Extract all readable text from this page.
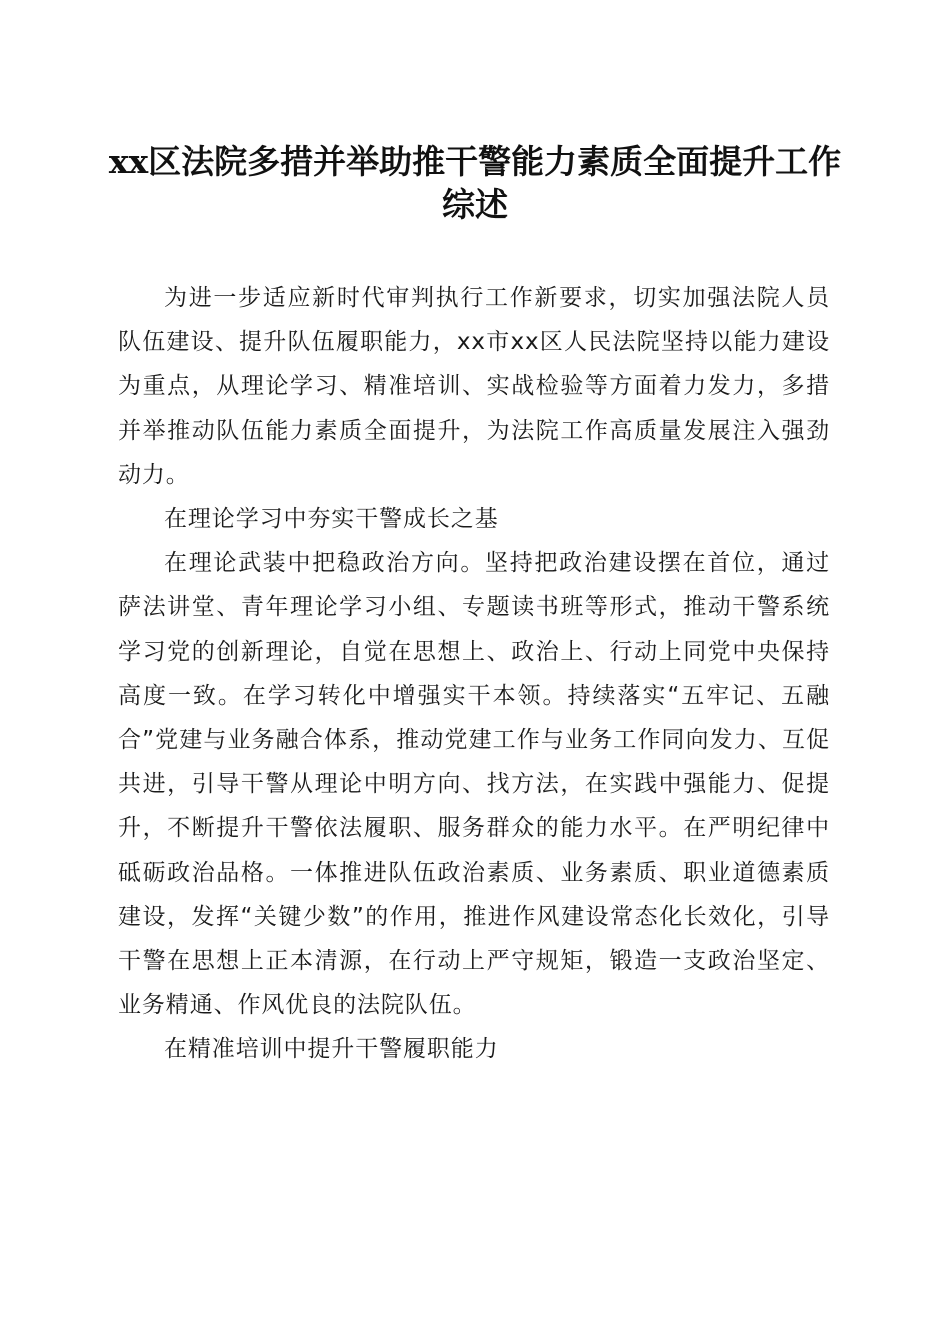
xx区法院多措并举助推干警能力素质全面提升工作综述

为进一步适应新时代审判执行工作新要求，切实加强法院人员队伍建设、提升队伍履职能力，xx市xx区人民法院坚持以能力建设为重点，从理论学习、精准培训、实战检验等方面着力发力，多措并举推动队伍能力素质全面提升，为法院工作高质量发展注入强劲动力。

在理论学习中夯实干警成长之基

在理论武装中把稳政治方向。坚持把政治建设摆在首位，通过萨法讲堂、青年理论学习小组、专题读书班等形式，推动干警系统学习党的创新理论，自觉在思想上、政治上、行动上同党中央保持高度一致。在学习转化中增强实干本领。持续落实“五牢记、五融合”党建与业务融合体系，推动党建工作与业务工作同向发力、互促共进，引导干警从理论中明方向、找方法，在实践中强能力、促提升，不断提升干警依法履职、服务群众的能力水平。在严明纪律中砥砺政治品格。一体推进队伍政治素质、业务素质、职业道德素质建设，发挥“关键少数”的作用，推进作风建设常态化长效化，引导干警在思想上正本清源，在行动上严守规矩，锻造一支政治坚定、业务精通、作风优良的法院队伍。

在精准培训中提升干警履职能力
